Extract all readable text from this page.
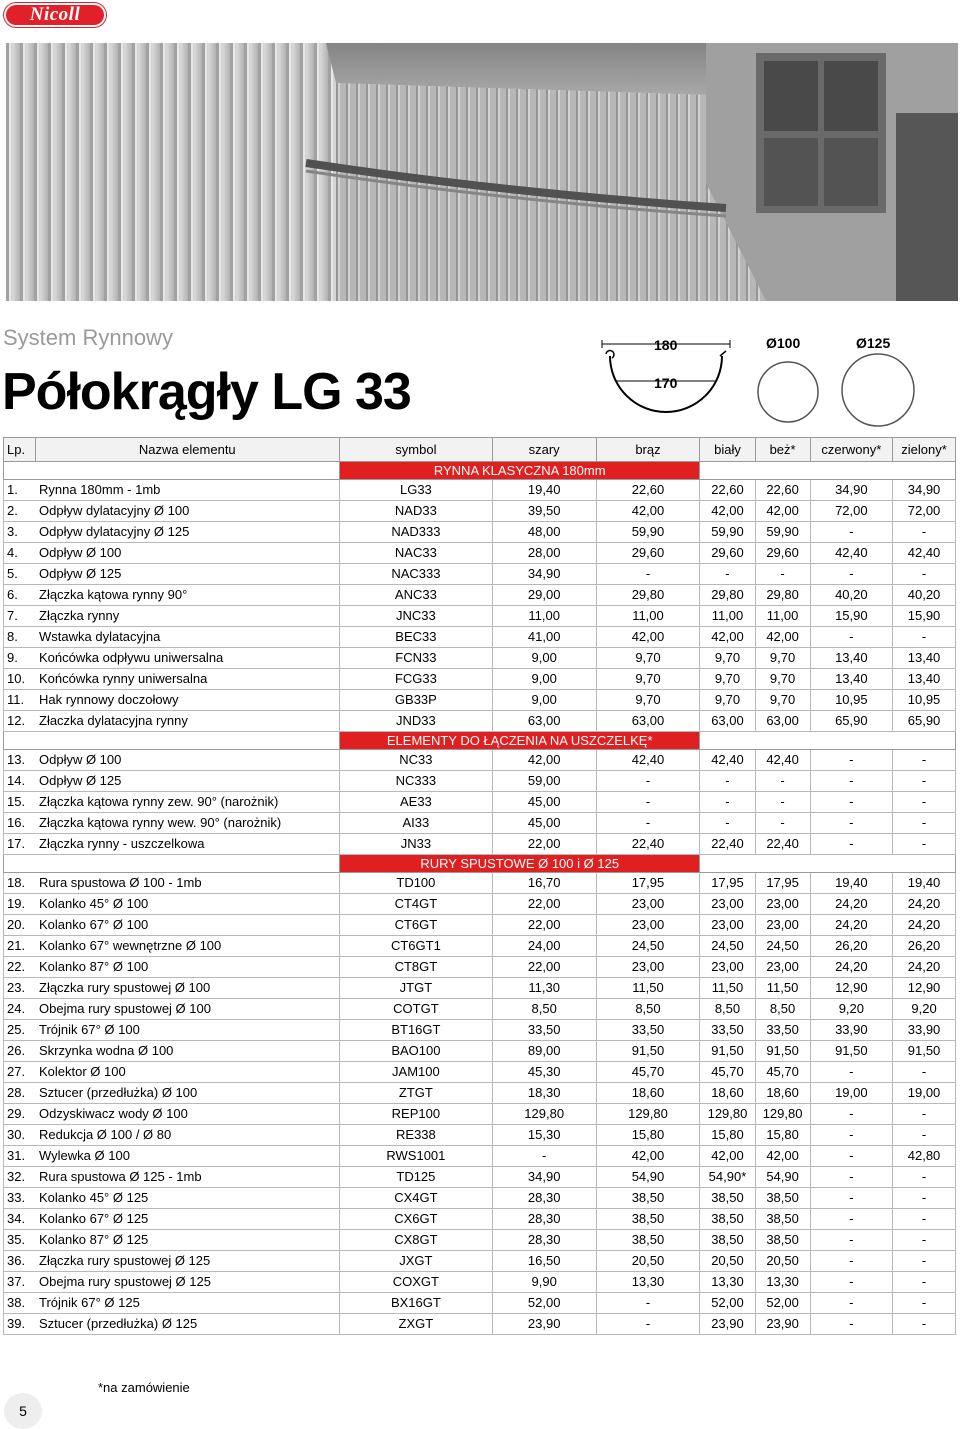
Nicoll
System Rynnowy
Półokrągły LG 33
180
170
Ø100	Ø125
Lp.	Nazwa elementu	symbol	szary	brąz	biały	beż*	czerwony*	zielony*
		RYNNA KLASYCZNA 180mm						
1.	Rynna 180mm - 1mb	LG33	19,40	22,60	22,60	22,60	34,90	34,90
2.	Odpływ dylatacyjny Ø 100	NAD33	39,50	42,00	42,00	42,00	72,00	72,00
3.	Odpływ dylatacyjny Ø 125	NAD333	48,00	59,90	59,90	59,90	-	-
4.	Odpływ Ø 100	NAC33	28,00	29,60	29,60	29,60	42,40	42,40
5.	Odpływ Ø 125	NAC333	34,90	-	-	-	-	-
6.	Złączka kątowa rynny 90°	ANC33	29,00	29,80	29,80	29,80	40,20	40,20
7.	Złączka rynny	JNC33	11,00	11,00	11,00	11,00	15,90	15,90
8.	Wstawka dylatacyjna	BEC33	41,00	42,00	42,00	42,00	-	-
9.	Końcówka odpływu uniwersalna	FCN33	9,00	9,70	9,70	9,70	13,40	13,40
10.	Końcówka rynny uniwersalna	FCG33	9,00	9,70	9,70	9,70	13,40	13,40
11.	Hak rynnowy doczołowy	GB33P	9,00	9,70	9,70	9,70	10,95	10,95
12.	Złaczka dylatacyjna rynny	JND33	63,00	63,00	63,00	63,00	65,90	65,90
		ELEMENTY DO ŁĄCZENIA NA USZCZELKĘ*						
13.	Odpływ Ø 100	NC33	42,00	42,40	42,40	42,40	-	-
14.	Odpływ Ø 125	NC333	59,00	-	-	-	-	-
15.	Złączka kątowa rynny zew. 90° (narożnik)	AE33	45,00	-	-	-	-	-
16.	Złączka kątowa rynny wew. 90° (narożnik)	AI33	45,00	-	-	-	-	-
17.	Złączka rynny - uszczelkowa	JN33	22,00	22,40	22,40	22,40	-	-
		RURY SPUSTOWE Ø 100 i Ø 125						
18.	Rura spustowa Ø 100 - 1mb	TD100	16,70	17,95	17,95	17,95	19,40	19,40
19.	Kolanko 45° Ø 100	CT4GT	22,00	23,00	23,00	23,00	24,20	24,20
20.	Kolanko 67° Ø 100	CT6GT	22,00	23,00	23,00	23,00	24,20	24,20
21.	Kolanko 67° wewnętrzne Ø 100	CT6GT1	24,00	24,50	24,50	24,50	26,20	26,20
22.	Kolanko 87° Ø 100	CT8GT	22,00	23,00	23,00	23,00	24,20	24,20
23.	Złączka rury spustowej Ø 100	JTGT	11,30	11,50	11,50	11,50	12,90	12,90
24.	Obejma rury spustowej Ø 100	COTGT	8,50	8,50	8,50	8,50	9,20	9,20
25.	Trójnik 67° Ø 100	BT16GT	33,50	33,50	33,50	33,50	33,90	33,90
26.	Skrzynka wodna Ø 100	BAO100	89,00	91,50	91,50	91,50	91,50	91,50
27.	Kolektor Ø 100	JAM100	45,30	45,70	45,70	45,70	-	-
28.	Sztucer (przedłużka) Ø 100	ZTGT	18,30	18,60	18,60	18,60	19,00	19,00
29.	Odzyskiwacz wody Ø 100	REP100	129,80	129,80	129,80	129,80	-	-
30.	Redukcja Ø 100 / Ø 80	RE338	15,30	15,80	15,80	15,80	-	-
31.	Wylewka Ø 100	RWS1001	-	42,00	42,00	42,00	-	42,80
32.	Rura spustowa Ø 125 - 1mb	TD125	34,90	54,90	54,90*	54,90	-	-
33.	Kolanko 45° Ø 125	CX4GT	28,30	38,50	38,50	38,50	-	-
34.	Kolanko 67° Ø 125	CX6GT	28,30	38,50	38,50	38,50	-	-
35.	Kolanko 87° Ø 125	CX8GT	28,30	38,50	38,50	38,50	-	-
36.	Złączka rury spustowej Ø 125	JXGT	16,50	20,50	20,50	20,50	-	-
37.	Obejma rury spustowej Ø 125	COXGT	9,90	13,30	13,30	13,30	-	-
38.	Trójnik 67° Ø 125	BX16GT	52,00	-	52,00	52,00	-	-
39.	Sztucer (przedłużka) Ø 125	ZXGT	23,90	-	23,90	23,90	-	-
*na zamówienie
5
